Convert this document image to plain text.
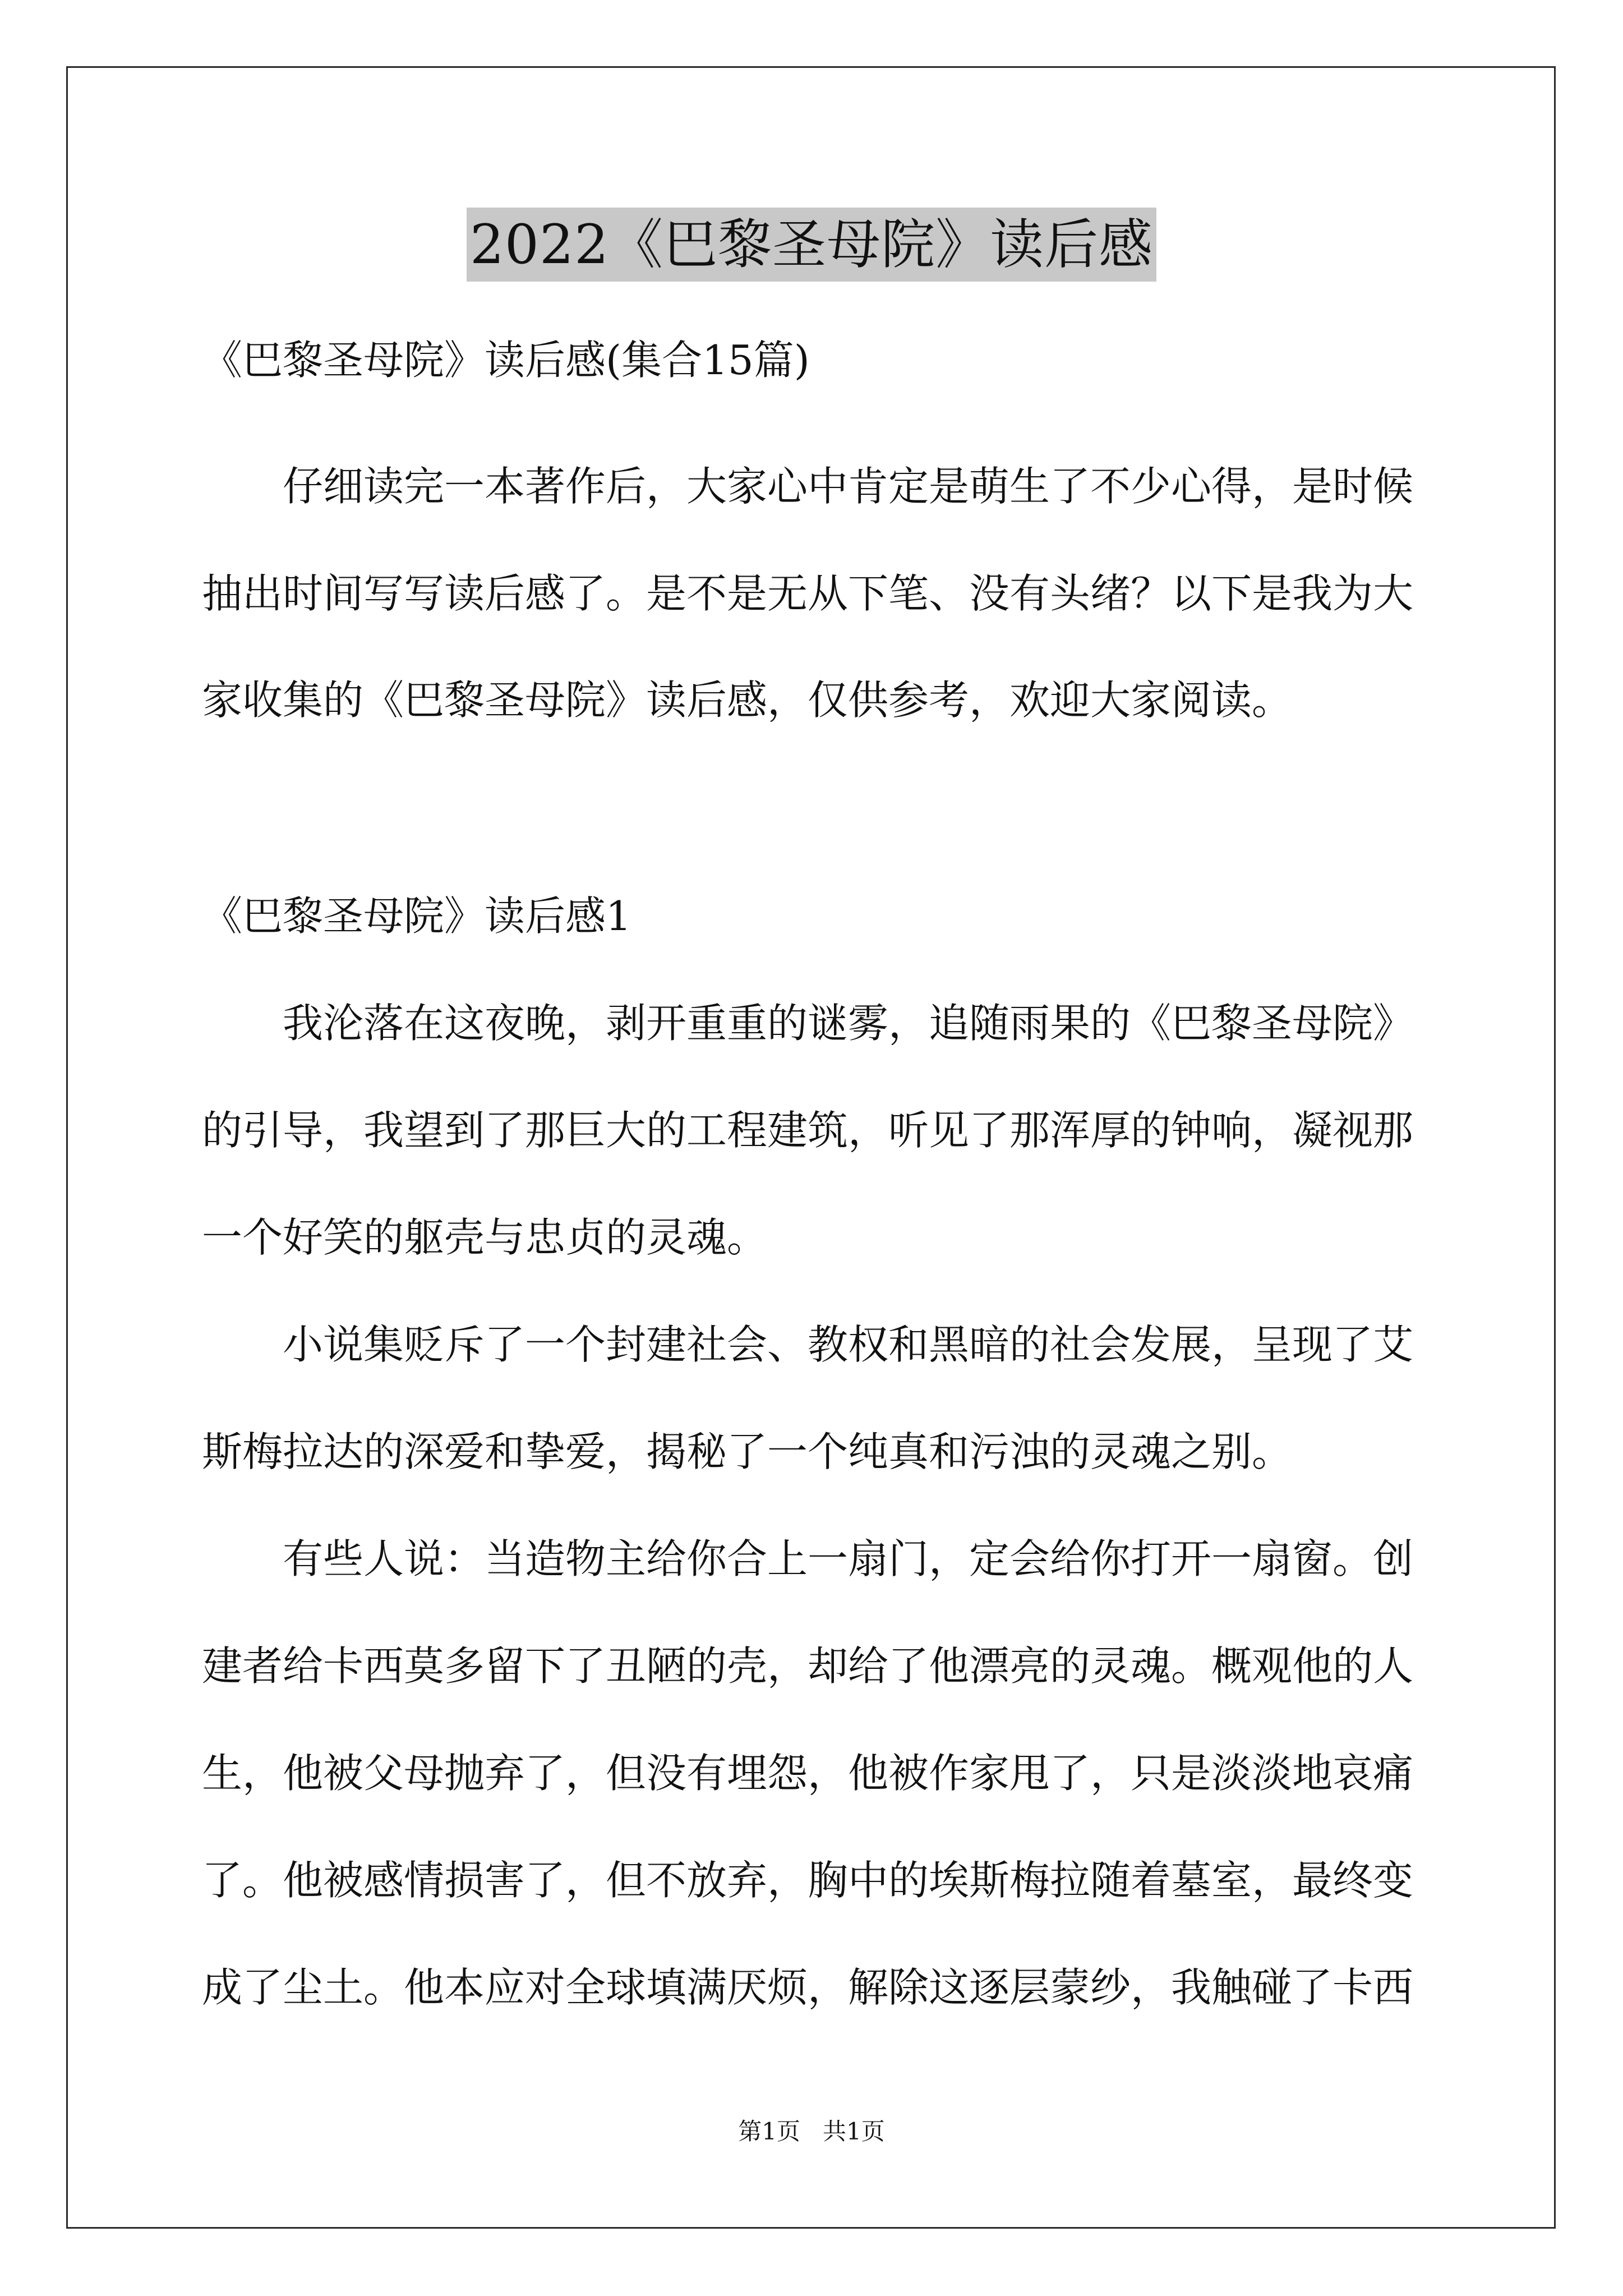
2022《巴黎圣母院》读后感
《巴黎圣母院》读后感(集合15篇)
仔细读完一本著作后，大家心中肯定是萌生了不少心得，是时候
抽出时间写写读后感了。是不是无从下笔、没有头绪？以下是我为大
家收集的《巴黎圣母院》读后感，仅供参考，欢迎大家阅读。
《巴黎圣母院》读后感1
我沦落在这夜晚，剥开重重的谜雾，追随雨果的《巴黎圣母院》
的引导，我望到了那巨大的工程建筑，听见了那浑厚的钟响，凝视那
一个好笑的躯壳与忠贞的灵魂。
小说集贬斥了一个封建社会、教权和黑暗的社会发展，呈现了艾
斯梅拉达的深爱和挚爱，揭秘了一个纯真和污浊的灵魂之别。
有些人说：当造物主给你合上一扇门，定会给你打开一扇窗。创
建者给卡西莫多留下了丑陋的壳，却给了他漂亮的灵魂。概观他的人
生，他被父母抛弃了，但没有埋怨，他被作家甩了，只是淡淡地哀痛
了。他被感情损害了，但不放弃，胸中的埃斯梅拉随着墓室，最终变
成了尘土。他本应对全球填满厌烦，解除这逐层蒙纱，我触碰了卡西
第1页   共1页
